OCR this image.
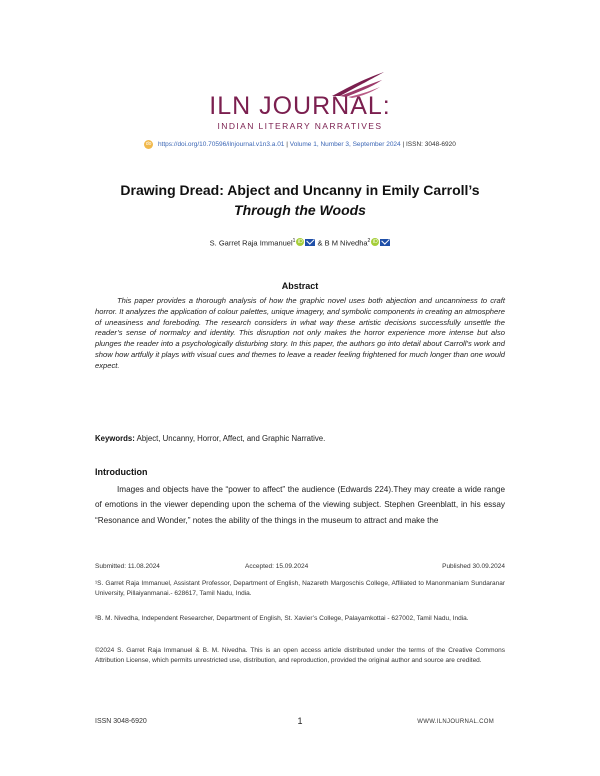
ILN JOURNAL:
INDIAN LITERARY NARRATIVES
do https://doi.org/10.70596/ilnjournal.v1n3.a.01 | Volume 1, Number 3, September 2024 | ISSN: 3048-6920
Drawing Dread: Abject and Uncanny in Emily Carroll’s
Through the Woods
S. Garret Raja Immanuel$^1$ iD & B M Nivedha$^2$ iD
Abstract
This paper provides a thorough analysis of how the graphic novel uses both abjection and uncanniness to craft horror. It analyzes the application of colour palettes, unique imagery, and symbolic components in creating an atmosphere of uneasiness and foreboding. The research considers in what way these artistic decisions successfully unsettle the reader’s sense of normalcy and identity. This disruption not only makes the horror experience more intense but also plunges the reader into a psychologically disturbing story. In this paper, the authors go into detail about Carroll’s work and show how artfully it plays with visual cues and themes to leave a reader feeling frightened for much longer than one would expect.
Keywords: Abject, Uncanny, Horror, Affect, and Graphic Narrative.
Introduction
Images and objects have the “power to affect” the audience (Edwards 224).They may create a wide range of emotions in the viewer depending upon the schema of the viewing subject. Stephen Greenblatt, in his essay “Resonance and Wonder,” notes the ability of the things in the museum to attract and make the
Submitted: 11.08.2024	Accepted: 15.09.2024	Published 30.09.2024
¹S. Garret Raja Immanuel, Assistant Professor, Department of English, Nazareth Margoschis College, Affiliated to Manonmaniam Sundaranar University, Pillaiyanmanai.- 628617, Tamil Nadu, India.
²B. M. Nivedha, Independent Researcher, Department of English, St. Xavier’s College, Palayamkottai - 627002, Tamil Nadu, India.
©2024 S. Garret Raja Immanuel & B. M. Nivedha. This is an open access article distributed under the terms of the Creative Commons Attribution License, which permits unrestricted use, distribution, and reproduction, provided the original author and source are credited.
ISSN 3048-6920	1	WWW.ILNJOURNAL.COM
